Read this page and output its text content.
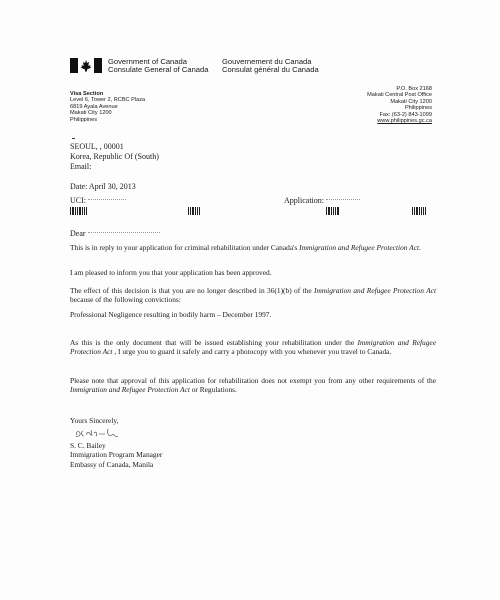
Government of Canada
Consulate General of Canada
Gouvernement du Canada
Consulat général du Canada
Visa Section
Level 6, Tower 2, RCBC Plaza
6819 Ayala Avenue
Makati City 1200
Philippines
P.O. Box 2168
Makati Central Post Office
Makati City 1200
Philippines
Fax: (63-2) 843-1099
www.philippines.gc.ca
SEOUL, , 00001
Korea, Republic Of (South)
Email:
Date: April 30, 2013
UCI:	Application:
Dear
This is in reply to your application for criminal rehabilitation under Canada's Immigration and Refugee Protection Act.
I am pleased to inform you that your application has been approved.
The effect of this decision is that you are no longer described in 36(1)(b) of the Immigration and Refugee Protection Act because of the following convictions:
Professional Negligence resulting in bodily harm – December 1997.
As this is the only document that will be issued establishing your rehabilitation under the Immigration and Refugee Protection Act , I urge you to guard it safely and carry a photocopy with you whenever you travel to Canada.
Please note that approval of this application for rehabilitation does not exempt you from any other requirements of the Immigration and Refugee Protection Act or Regulations.
Yours Sincerely,
S. C. Bailey
Immigration Program Manager
Embassy of Canada, Manila
